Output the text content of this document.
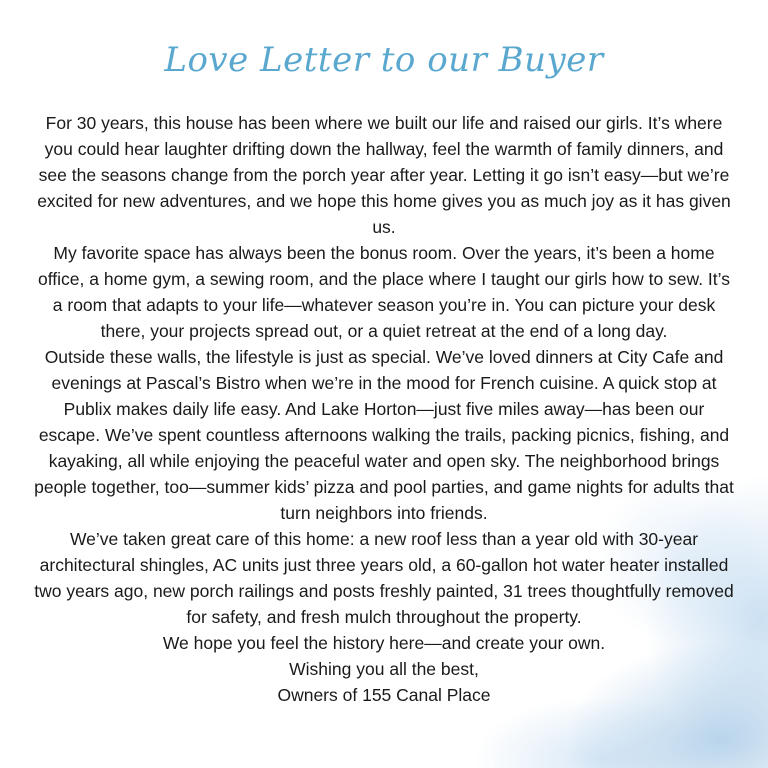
Love Letter to our Buyer

For 30 years, this house has been where we built our life and raised our girls. It’s where you could hear laughter drifting down the hallway, feel the warmth of family dinners, and see the seasons change from the porch year after year. Letting it go isn’t easy—but we’re excited for new adventures, and we hope this home gives you as much joy as it has given us.

My favorite space has always been the bonus room. Over the years, it’s been a home office, a home gym, a sewing room, and the place where I taught our girls how to sew. It’s a room that adapts to your life—whatever season you’re in. You can picture your desk there, your projects spread out, or a quiet retreat at the end of a long day.

Outside these walls, the lifestyle is just as special. We’ve loved dinners at City Cafe and evenings at Pascal’s Bistro when we’re in the mood for French cuisine. A quick stop at Publix makes daily life easy. And Lake Horton—just five miles away—has been our escape. We’ve spent countless afternoons walking the trails, packing picnics, fishing, and kayaking, all while enjoying the peaceful water and open sky. The neighborhood brings people together, too—summer kids’ pizza and pool parties, and game nights for adults that turn neighbors into friends.

We’ve taken great care of this home: a new roof less than a year old with 30-year architectural shingles, AC units just three years old, a 60-gallon hot water heater installed two years ago, new porch railings and posts freshly painted, 31 trees thoughtfully removed for safety, and fresh mulch throughout the property.

We hope you feel the history here—and create your own.

Wishing you all the best,

Owners of 155 Canal Place
